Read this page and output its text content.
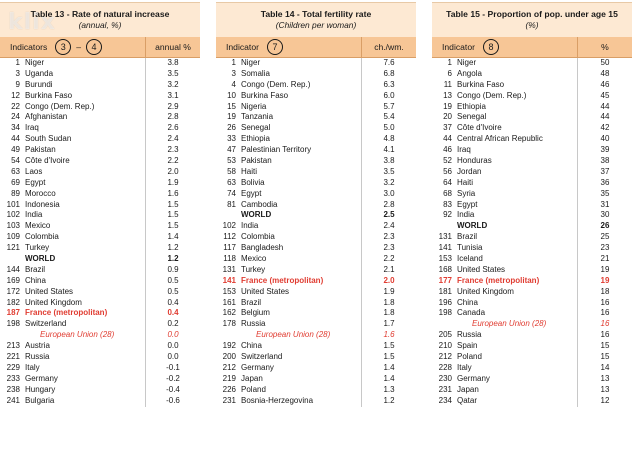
Table 13 - Rate of natural increase
(annual, %)
Indicators	3	–	4	annual %
1 Niger	3.8
3 Uganda	3.5
9 Burundi	3.2
12 Burkina Faso	3.1
22 Congo (Dem. Rep.)	2.9
24 Afghanistan	2.8
34 Iraq	2.6
44 South Sudan	2.4
49 Pakistan	2.3
54 Côte d'Ivoire	2.2
63 Laos	2.0
69 Egypt	1.9
89 Morocco	1.6
101 Indonesia	1.5
102 India	1.5
103 Mexico	1.5
109 Colombia	1.4
121 Turkey	1.2
WORLD	1.2
144 Brazil	0.9
169 China	0.5
172 United States	0.5
182 United Kingdom	0.4
187 France (metropolitan)	0.4
198 Switzerland	0.2
European Union (28)	0.0
213 Austria	0.0
221 Russia	0.0
229 Italy	-0.1
233 Germany	-0.2
238 Hungary	-0.4
241 Bulgaria	-0.6
Table 14 - Total fertility rate
(Children per woman)
Indicator	7	ch./wm.
1 Niger	7.6
3 Somalia	6.8
4 Congo (Dem. Rep.)	6.3
10 Burkina Faso	6.0
15 Nigeria	5.7
19 Tanzania	5.4
26 Senegal	5.0
33 Ethiopia	4.8
47 Palestinian Territory	4.1
53 Pakistan	3.8
58 Haiti	3.5
63 Bolivia	3.2
74 Egypt	3.0
81 Cambodia	2.8
WORLD	2.5
102 India	2.4
112 Colombia	2.3
117 Bangladesh	2.3
118 Mexico	2.2
131 Turkey	2.1
141 France (metropolitan)	2.0
153 United States	1.9
161 Brazil	1.8
162 Belgium	1.8
178 Russia	1.7
European Union (28)	1.6
192 China	1.5
200 Switzerland	1.5
212 Germany	1.4
219 Japan	1.4
226 Poland	1.3
231 Bosnia-Herzegovina	1.2
Table 15 - Proportion of pop. under age 15
(%)
Indicator	8	%
1 Niger	50
6 Angola	48
11 Burkina Faso	46
13 Congo (Dem. Rep.)	45
19 Ethiopia	44
20 Senegal	44
37 Côte d'Ivoire	42
44 Central African Republic	40
46 Iraq	39
52 Honduras	38
56 Jordan	37
64 Haiti	36
68 Syria	35
83 Egypt	31
92 India	30
WORLD	26
131 Brazil	25
141 Tunisia	23
153 Iceland	21
168 United States	19
177 France (metropolitan)	19
181 United Kingdom	18
196 China	16
198 Canada	16
European Union (28)	16
205 Russia	16
210 Spain	15
212 Poland	15
228 Italy	14
230 Germany	13
231 Japan	13
234 Qatar	12
klix
